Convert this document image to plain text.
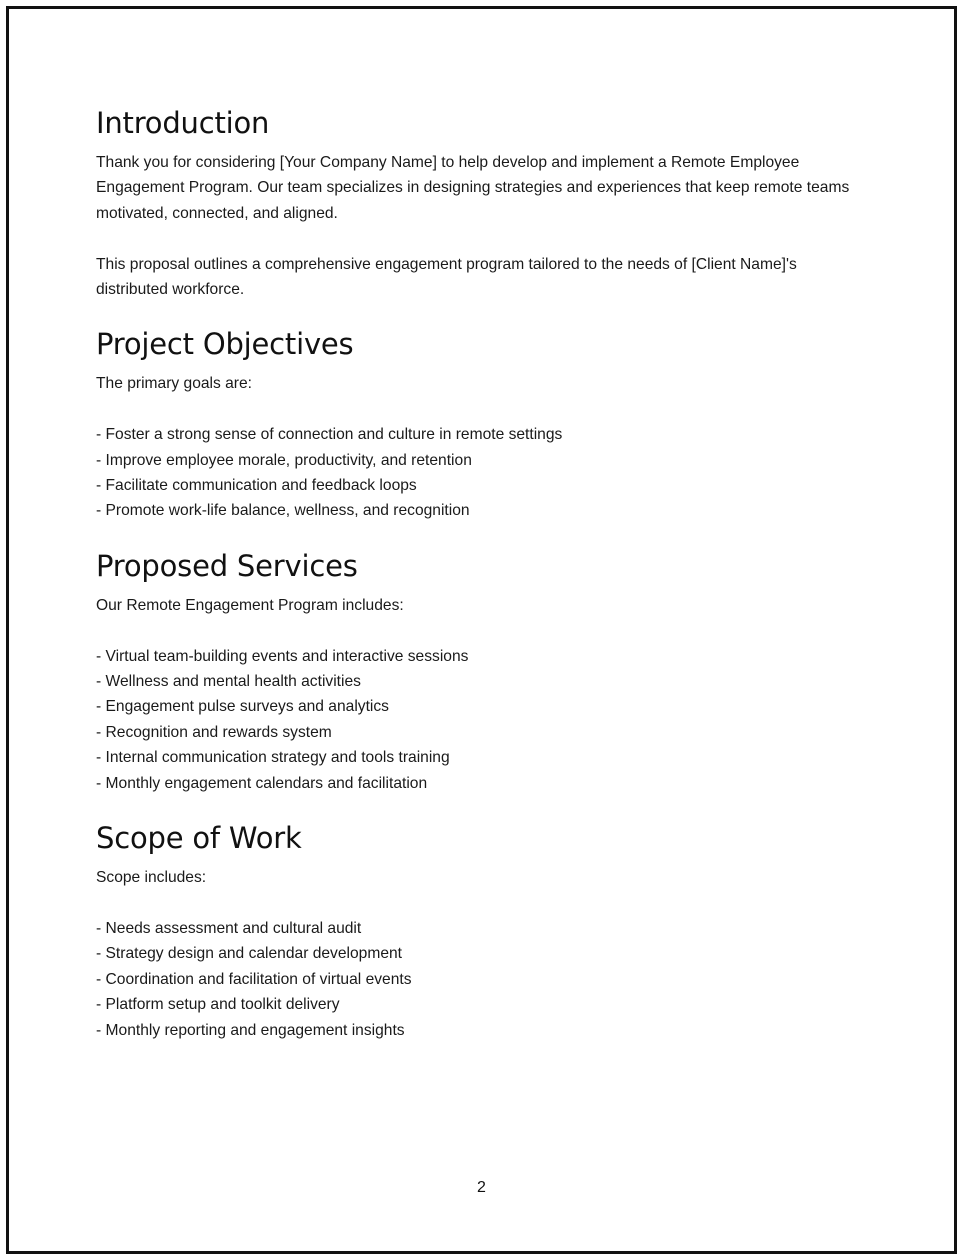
Introduction

Thank you for considering [Your Company Name] to help develop and implement a Remote Employee Engagement Program. Our team specializes in designing strategies and experiences that keep remote teams motivated, connected, and aligned.

This proposal outlines a comprehensive engagement program tailored to the needs of [Client Name]'s distributed workforce.

Project Objectives

The primary goals are:

- Foster a strong sense of connection and culture in remote settings
- Improve employee morale, productivity, and retention
- Facilitate communication and feedback loops
- Promote work-life balance, wellness, and recognition
Proposed Services

Our Remote Engagement Program includes:

- Virtual team-building events and interactive sessions
- Wellness and mental health activities
- Engagement pulse surveys and analytics
- Recognition and rewards system
- Internal communication strategy and tools training
- Monthly engagement calendars and facilitation
Scope of Work

Scope includes:

- Needs assessment and cultural audit
- Strategy design and calendar development
- Coordination and facilitation of virtual events
- Platform setup and toolkit delivery
- Monthly reporting and engagement insights
2
